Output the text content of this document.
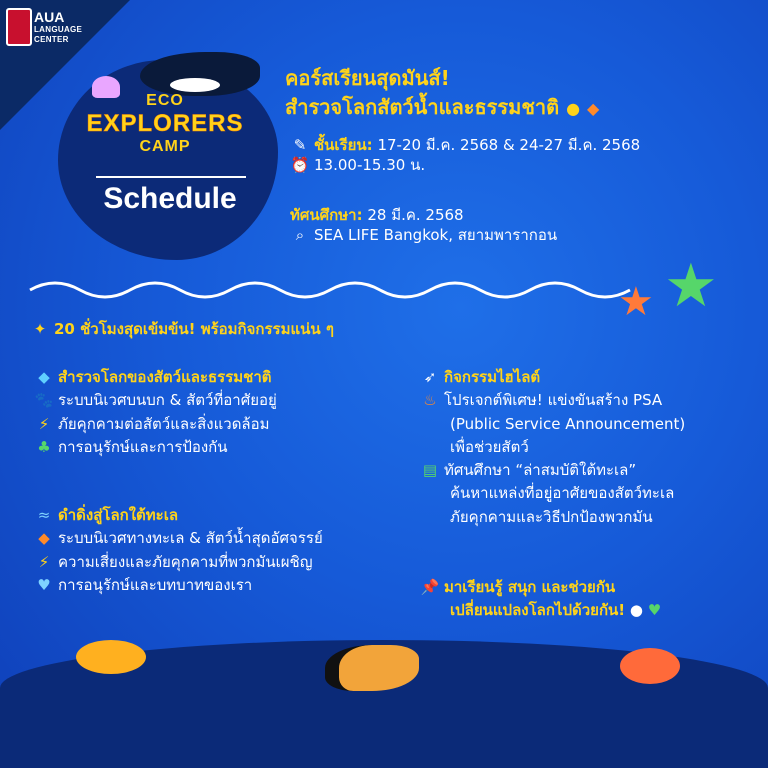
AUA
LANGUAGE
CENTER
ECO
EXPLORERS
CAMP
Schedule
คอร์สเรียนสุดมันส์!
สำรวจโลกสัตว์น้ำและธรรมชาติ ● ◆
✎ ชั้นเรียน: 17-20 มี.ค. 2568 & 24-27 มี.ค. 2568
⏰ 13.00-15.30 น.
ทัศนศึกษา: 28 มี.ค. 2568
⌕ SEA LIFE Bangkok, สยามพารากอน
★
★
✦ 20 ชั่วโมงสุดเข้มข้น! พร้อมกิจกรรมแน่น ๆ
◆ สำรวจโลกของสัตว์และธรรมชาติ
🐾 ระบบนิเวศบนบก & สัตว์ที่อาศัยอยู่
⚡ ภัยคุกคามต่อสัตว์และสิ่งแวดล้อม
♣ การอนุรักษ์และการป้องกัน
≈ ดำดิ่งสู่โลกใต้ทะเล
◆ ระบบนิเวศทางทะเล & สัตว์น้ำสุดอัศจรรย์
⚡ ความเสี่ยงและภัยคุกคามที่พวกมันเผชิญ
♥ การอนุรักษ์และบทบาทของเรา
➶ กิจกรรมไฮไลต์
♨ โปรเจกต์พิเศษ! แข่งขันสร้าง PSA
(Public Service Announcement)
เพื่อช่วยสัตว์
▤ ทัศนศึกษา “ล่าสมบัติใต้ทะเล”
ค้นหาแหล่งที่อยู่อาศัยของสัตว์ทะเล
ภัยคุกคามและวิธีปกป้องพวกมัน
📌 มาเรียนรู้ สนุก และช่วยกัน
เปลี่ยนแปลงโลกไปด้วยกัน! ● ♥
